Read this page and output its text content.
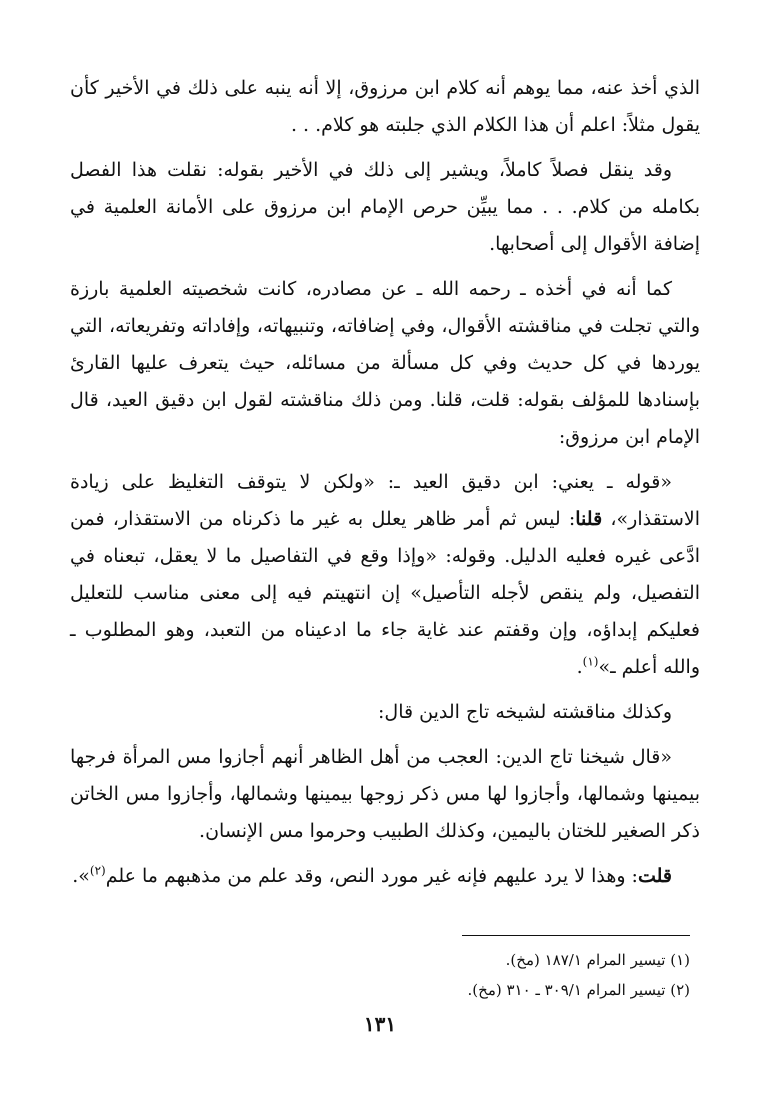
الذي أخذ عنه، مما يوهم أنه كلام ابن مرزوق، إلا أنه ينبه على ذلك في الأخير كأن يقول مثلاً: اعلم أن هذا الكلام الذي جلبته هو كلام. . .

وقد ينقل فصلاً كاملاً، ويشير إلى ذلك في الأخير بقوله: نقلت هذا الفصل بكامله من كلام. . . مما يبيِّن حرص الإمام ابن مرزوق على الأمانة العلمية في إضافة الأقوال إلى أصحابها.

كما أنه في أخذه ـ رحمه الله ـ عن مصادره، كانت شخصيته العلمية بارزة والتي تجلت في مناقشته الأقوال، وفي إضافاته، وتنبيهاته، وإفاداته وتفريعاته، التي يوردها في كل حديث وفي كل مسألة من مسائله، حيث يتعرف عليها القارئ بإسنادها للمؤلف بقوله: قلت، قلنا. ومن ذلك مناقشته لقول ابن دقيق العيد، قال الإمام ابن مرزوق:

«قوله ـ يعني: ابن دقيق العيد ـ: «ولكن لا يتوقف التغليظ على زيادة الاستقذار»، قلنا: ليس ثم أمر ظاهر يعلل به غير ما ذكرناه من الاستقذار، فمن ادَّعى غيره فعليه الدليل. وقوله: «وإذا وقع في التفاصيل ما لا يعقل، تبعناه في التفصيل، ولم ينقص لأجله التأصيل» إن انتهيتم فيه إلى معنى مناسب للتعليل فعليكم إبداؤه، وإن وقفتم عند غاية جاء ما ادعيناه من التعبد، وهو المطلوب ـ والله أعلم ـ»$^{(١)}$.

وكذلك مناقشته لشيخه تاج الدين قال:

«قال شيخنا تاج الدين: العجب من أهل الظاهر أنهم أجازوا مس المرأة فرجها بيمينها وشمالها، وأجازوا لها مس ذكر زوجها بيمينها وشمالها، وأجازوا مس الخاتن ذكر الصغير للختان باليمين، وكذلك الطبيب وحرموا مس الإنسان.

قلت: وهذا لا يرد عليهم فإنه غير مورد النص، وقد علم من مذهبهم ما علم$^{(٢)}$».

(١) تيسير المرام ١٨٧/١ (مخ).
(٢) تيسير المرام ٣٠٩/١ ـ ٣١٠ (مخ).
١٣١
